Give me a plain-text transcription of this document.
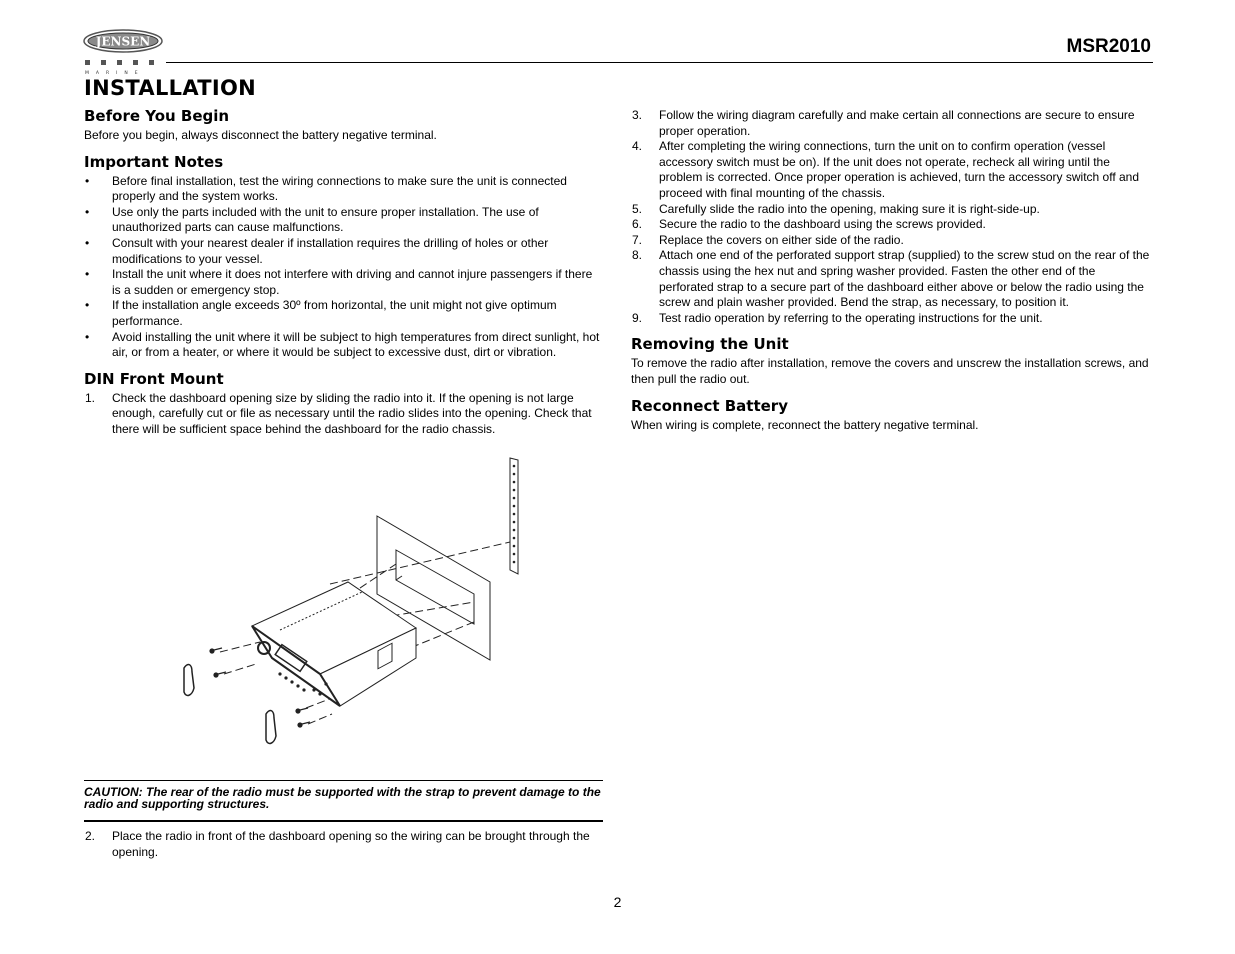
JENSEN
MARINE
MSR2010
INSTALLATION
Before You Begin

Before you begin, always disconnect the battery negative terminal.

Important Notes
• Before final installation, test the wiring connections to make sure the unit is connected properly and the system works.
• Use only the parts included with the unit to ensure proper installation. The use of unauthorized parts can cause malfunctions.
• Consult with your nearest dealer if installation requires the drilling of holes or other modifications to your vessel.
• Install the unit where it does not interfere with driving and cannot injure passengers if there is a sudden or emergency stop.
• If the installation angle exceeds 30º from horizontal, the unit might not give optimum performance.
• Avoid installing the unit where it will be subject to high temperatures from direct sunlight, hot air, or from a heater, or where it would be subject to excessive dust, dirt or vibration.
DIN Front Mount
1. Check the dashboard opening size by sliding the radio into it. If the opening is not large enough, carefully cut or file as necessary until the radio slides into the opening. Check that there will be sufficient space behind the dashboard for the radio chassis.
CAUTION: The rear of the radio must be supported with the strap to prevent damage to the radio and supporting structures.
2. Place the radio in front of the dashboard opening so the wiring can be brought through the opening.
3. Follow the wiring diagram carefully and make certain all connections are secure to ensure proper operation.
4. After completing the wiring connections, turn the unit on to confirm operation (vessel accessory switch must be on). If the unit does not operate, recheck all wiring until the problem is corrected. Once proper operation is achieved, turn the accessory switch off and proceed with final mounting of the chassis.
5. Carefully slide the radio into the opening, making sure it is right-side-up.
6. Secure the radio to the dashboard using the screws provided.
7. Replace the covers on either side of the radio.
8. Attach one end of the perforated support strap (supplied) to the screw stud on the rear of the chassis using the hex nut and spring washer provided. Fasten the other end of the perforated strap to a secure part of the dashboard either above or below the radio using the screw and plain washer provided. Bend the strap, as necessary, to position it.
9. Test radio operation by referring to the operating instructions for the unit.
Removing the Unit

To remove the radio after installation, remove the covers and unscrew the installation screws, and then pull the radio out.

Reconnect Battery

When wiring is complete, reconnect the battery negative terminal.

2
